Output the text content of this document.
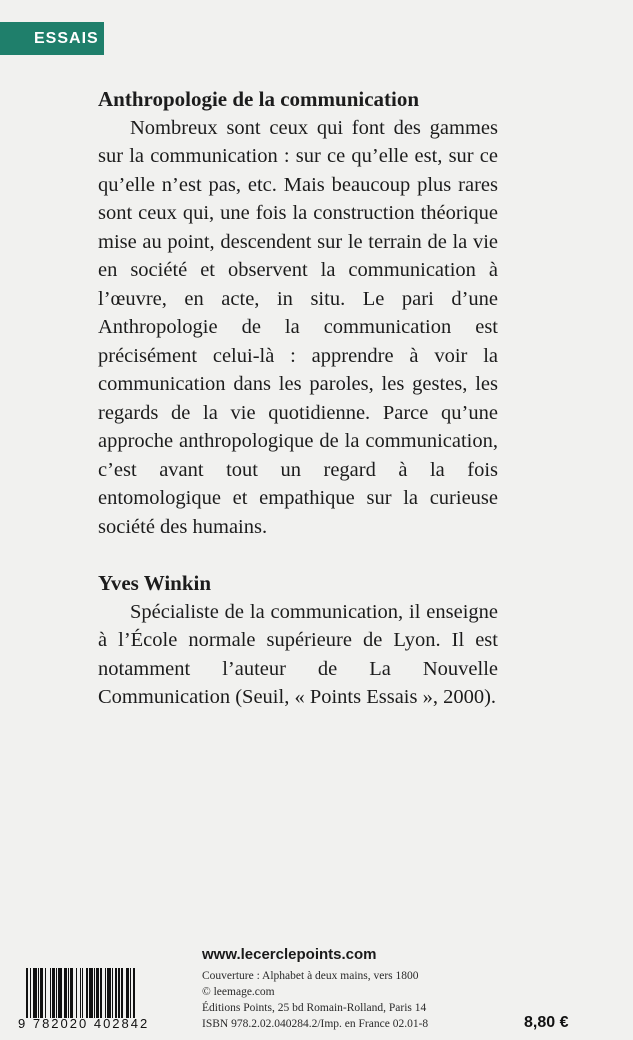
ESSAIS

Anthropologie de la communication

Nombreux sont ceux qui font des gammes sur la communication : sur ce qu’elle est, sur ce qu’elle n’est pas, etc. Mais beaucoup plus rares sont ceux qui, une fois la construction théorique mise au point, descendent sur le terrain de la vie en société et observent la communication à l’œuvre, en acte, in situ. Le pari d’une Anthropologie de la communication est précisément celui-là : apprendre à voir la communication dans les paroles, les gestes, les regards de la vie quotidienne. Parce qu’une approche anthropologique de la communication, c’est avant tout un regard à la fois entomologique et empathique sur la curieuse société des humains.

Yves Winkin

Spécialiste de la communication, il enseigne à l’École normale supérieure de Lyon. Il est notamment l’auteur de La Nouvelle Communication (Seuil, « Points Essais », 2000).

www.lecerclepoints.com
9 782020 402842
Couverture : Alphabet à deux mains, vers 1800
© leemage.com
Éditions Points, 25 bd Romain-Rolland, Paris 14
ISBN 978.2.02.040284.2/Imp. en France 02.01-8	8,80 €
